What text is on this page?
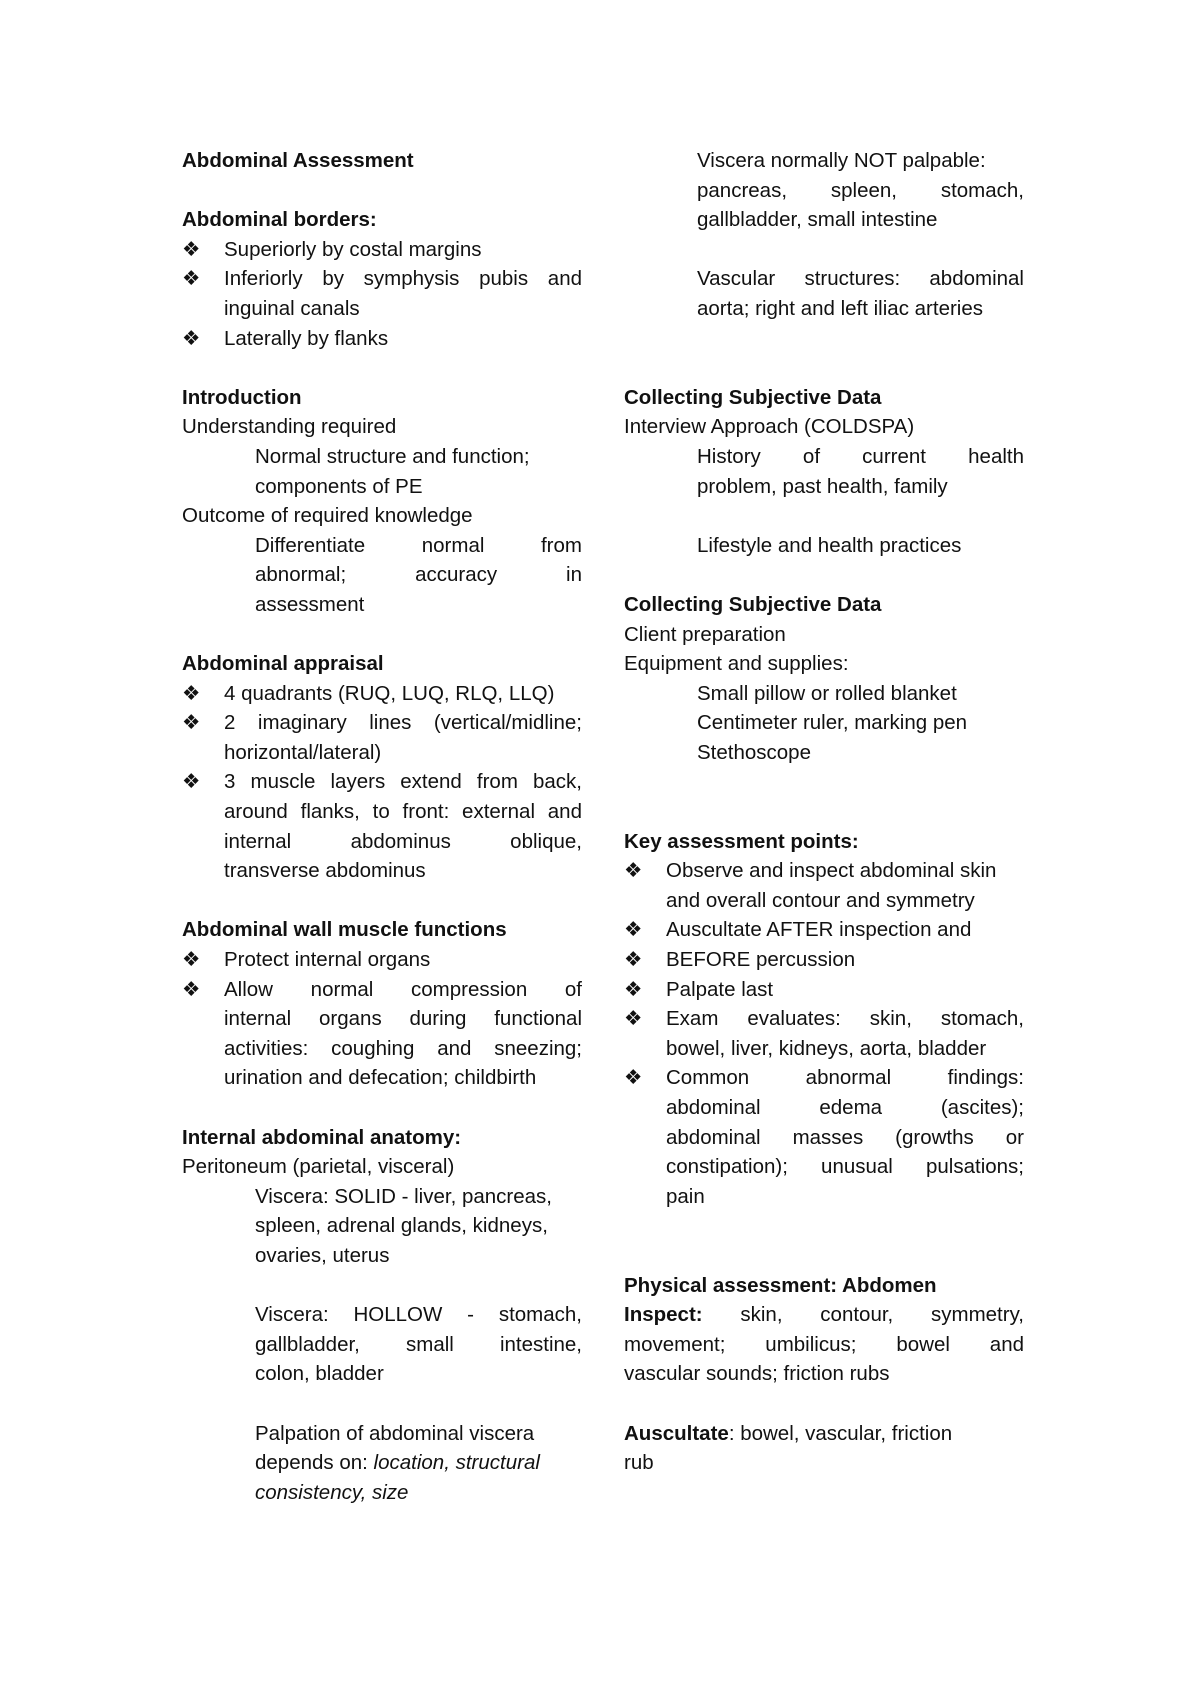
Abdominal Assessment
Abdominal borders:
❖ Superiorly by costal margins
❖ Inferiorly by symphysis pubis and
inguinal canals
❖ Laterally by flanks
Introduction
Understanding required
Normal structure and function;
components of PE
Outcome of required knowledge
Differentiate normal from
abnormal; accuracy in
assessment
Abdominal appraisal
❖ 4 quadrants (RUQ, LUQ, RLQ, LLQ)
❖ 2 imaginary lines (vertical/midline;
horizontal/lateral)
❖ 3 muscle layers extend from back,
around flanks, to front: external and
internal abdominus oblique,
transverse abdominus
Abdominal wall muscle functions
❖ Protect internal organs
❖ Allow normal compression of
internal organs during functional
activities: coughing and sneezing;
urination and defecation; childbirth
Internal abdominal anatomy:
Peritoneum (parietal, visceral)
Viscera: SOLID - liver, pancreas,
spleen, adrenal glands, kidneys,
ovaries, uterus
Viscera: HOLLOW - stomach,
gallbladder, small intestine,
colon, bladder
Palpation of abdominal viscera
depends on: location, structural
consistency, size
Viscera normally NOT palpable:
pancreas, spleen, stomach,
gallbladder, small intestine
Vascular structures: abdominal
aorta; right and left iliac arteries
Collecting Subjective Data
Interview Approach (COLDSPA)
History of current health
problem, past health, family
Lifestyle and health practices
Collecting Subjective Data
Client preparation
Equipment and supplies:
Small pillow or rolled blanket
Centimeter ruler, marking pen
Stethoscope
Key assessment points:
❖ Observe and inspect abdominal skin
and overall contour and symmetry
❖ Auscultate AFTER inspection and
❖ BEFORE percussion
❖ Palpate last
❖ Exam evaluates: skin, stomach,
bowel, liver, kidneys, aorta, bladder
❖ Common abnormal findings:
abdominal edema (ascites);
abdominal masses (growths or
constipation); unusual pulsations;
pain
Physical assessment: Abdomen
Inspect: skin, contour, symmetry,
movement; umbilicus; bowel and
vascular sounds; friction rubs
Auscultate: bowel, vascular, friction
rub
